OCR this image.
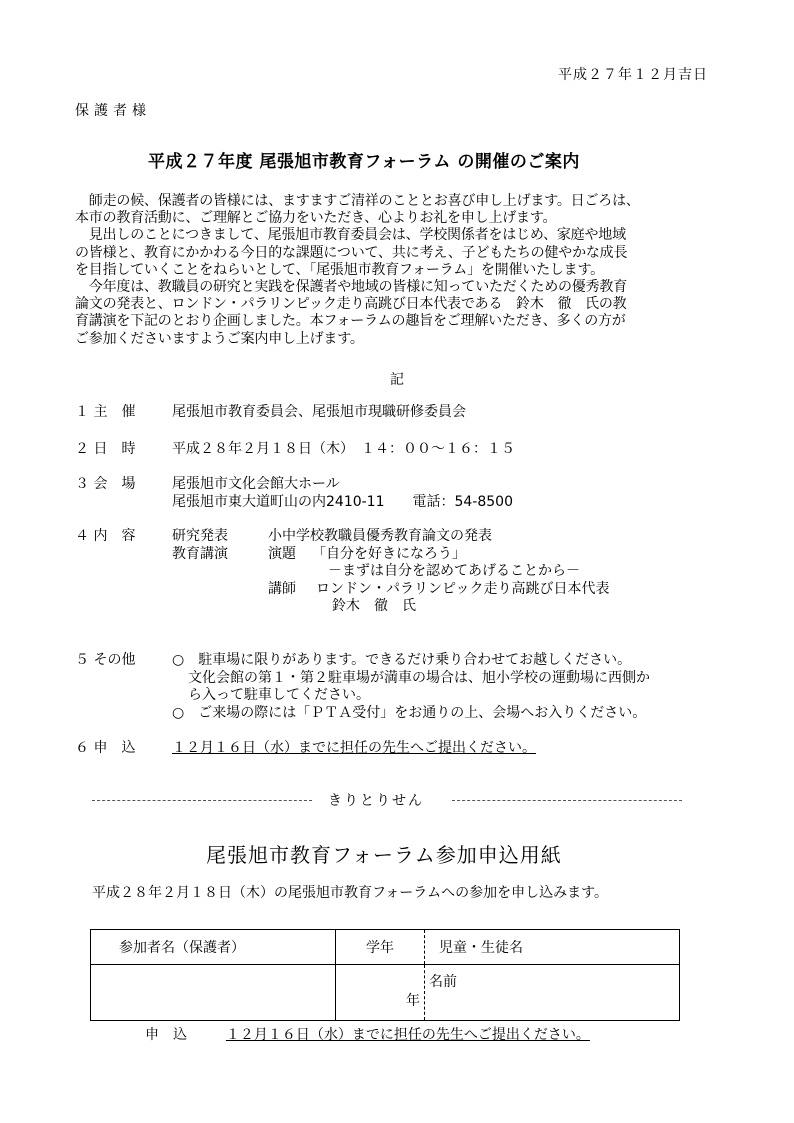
平成２７年１２月吉日
保護者様
平成２７年度 尾張旭市教育フォーラム の開催のご案内

　師走の候、保護者の皆様には、ますますご清祥のこととお喜び申し上げます。日ごろは、

本市の教育活動に、ご理解とご協力をいただき、心よりお礼を申し上げます。

　見出しのことにつきまして、尾張旭市教育委員会は、学校関係者をはじめ、家庭や地域

の皆様と、教育にかかわる今日的な課題について、共に考え、子どもたちの健やかな成長

を目指していくことをねらいとして、「尾張旭市教育フォーラム」を開催いたします。

　今年度は、教職員の研究と実践を保護者や地域の皆様に知っていただくための優秀教育

論文の発表と、ロンドン・パラリンピック走り高跳び日本代表である　鈴木　徹　氏の教

育講演を下記のとおり企画しました。本フォーラムの趣旨をご理解いただき、多くの方が

ご参加くださいますようご案内申し上げます。

記
１ 主　催	尾張旭市教育委員会、尾張旭市現職研修委員会
２ 日　時	平成２８年２月１８日（木）　１４：００～１６：１５
３ 会　場	尾張旭市文化会館大ホール
尾張旭市東大道町山の内2410-11　　電話：54-8500
４ 内　容	研究発表	小中学校教職員優秀教育論文の発表
教育講演	演題 「自分を好きになろう」
－まずは自分を認めてあげることから－
講師 ロンドン・パラリンピック走り高跳び日本代表
鈴木　徹　氏
５ その他	○　駐車場に限りがあります。できるだけ乗り合わせてお越しください。
文化会館の第１・第２駐車場が満車の場合は、旭小学校の運動場に西側か
ら入って駐車してください。
○　ご来場の際には「ＰＴＡ受付」をお通りの上、会場へお入りください。
６ 申　込	１２月１６日（水）までに担任の先生へご提出ください。
きりとりせん
尾張旭市教育フォーラム参加申込用紙
平成２８年２月１８日（木）の尾張旭市教育フォーラムへの参加を申し込みます。
参加者名（保護者）	学年	児童・生徒名

	年	名前
申　込	１２月１６日（水）までに担任の先生へご提出ください。
